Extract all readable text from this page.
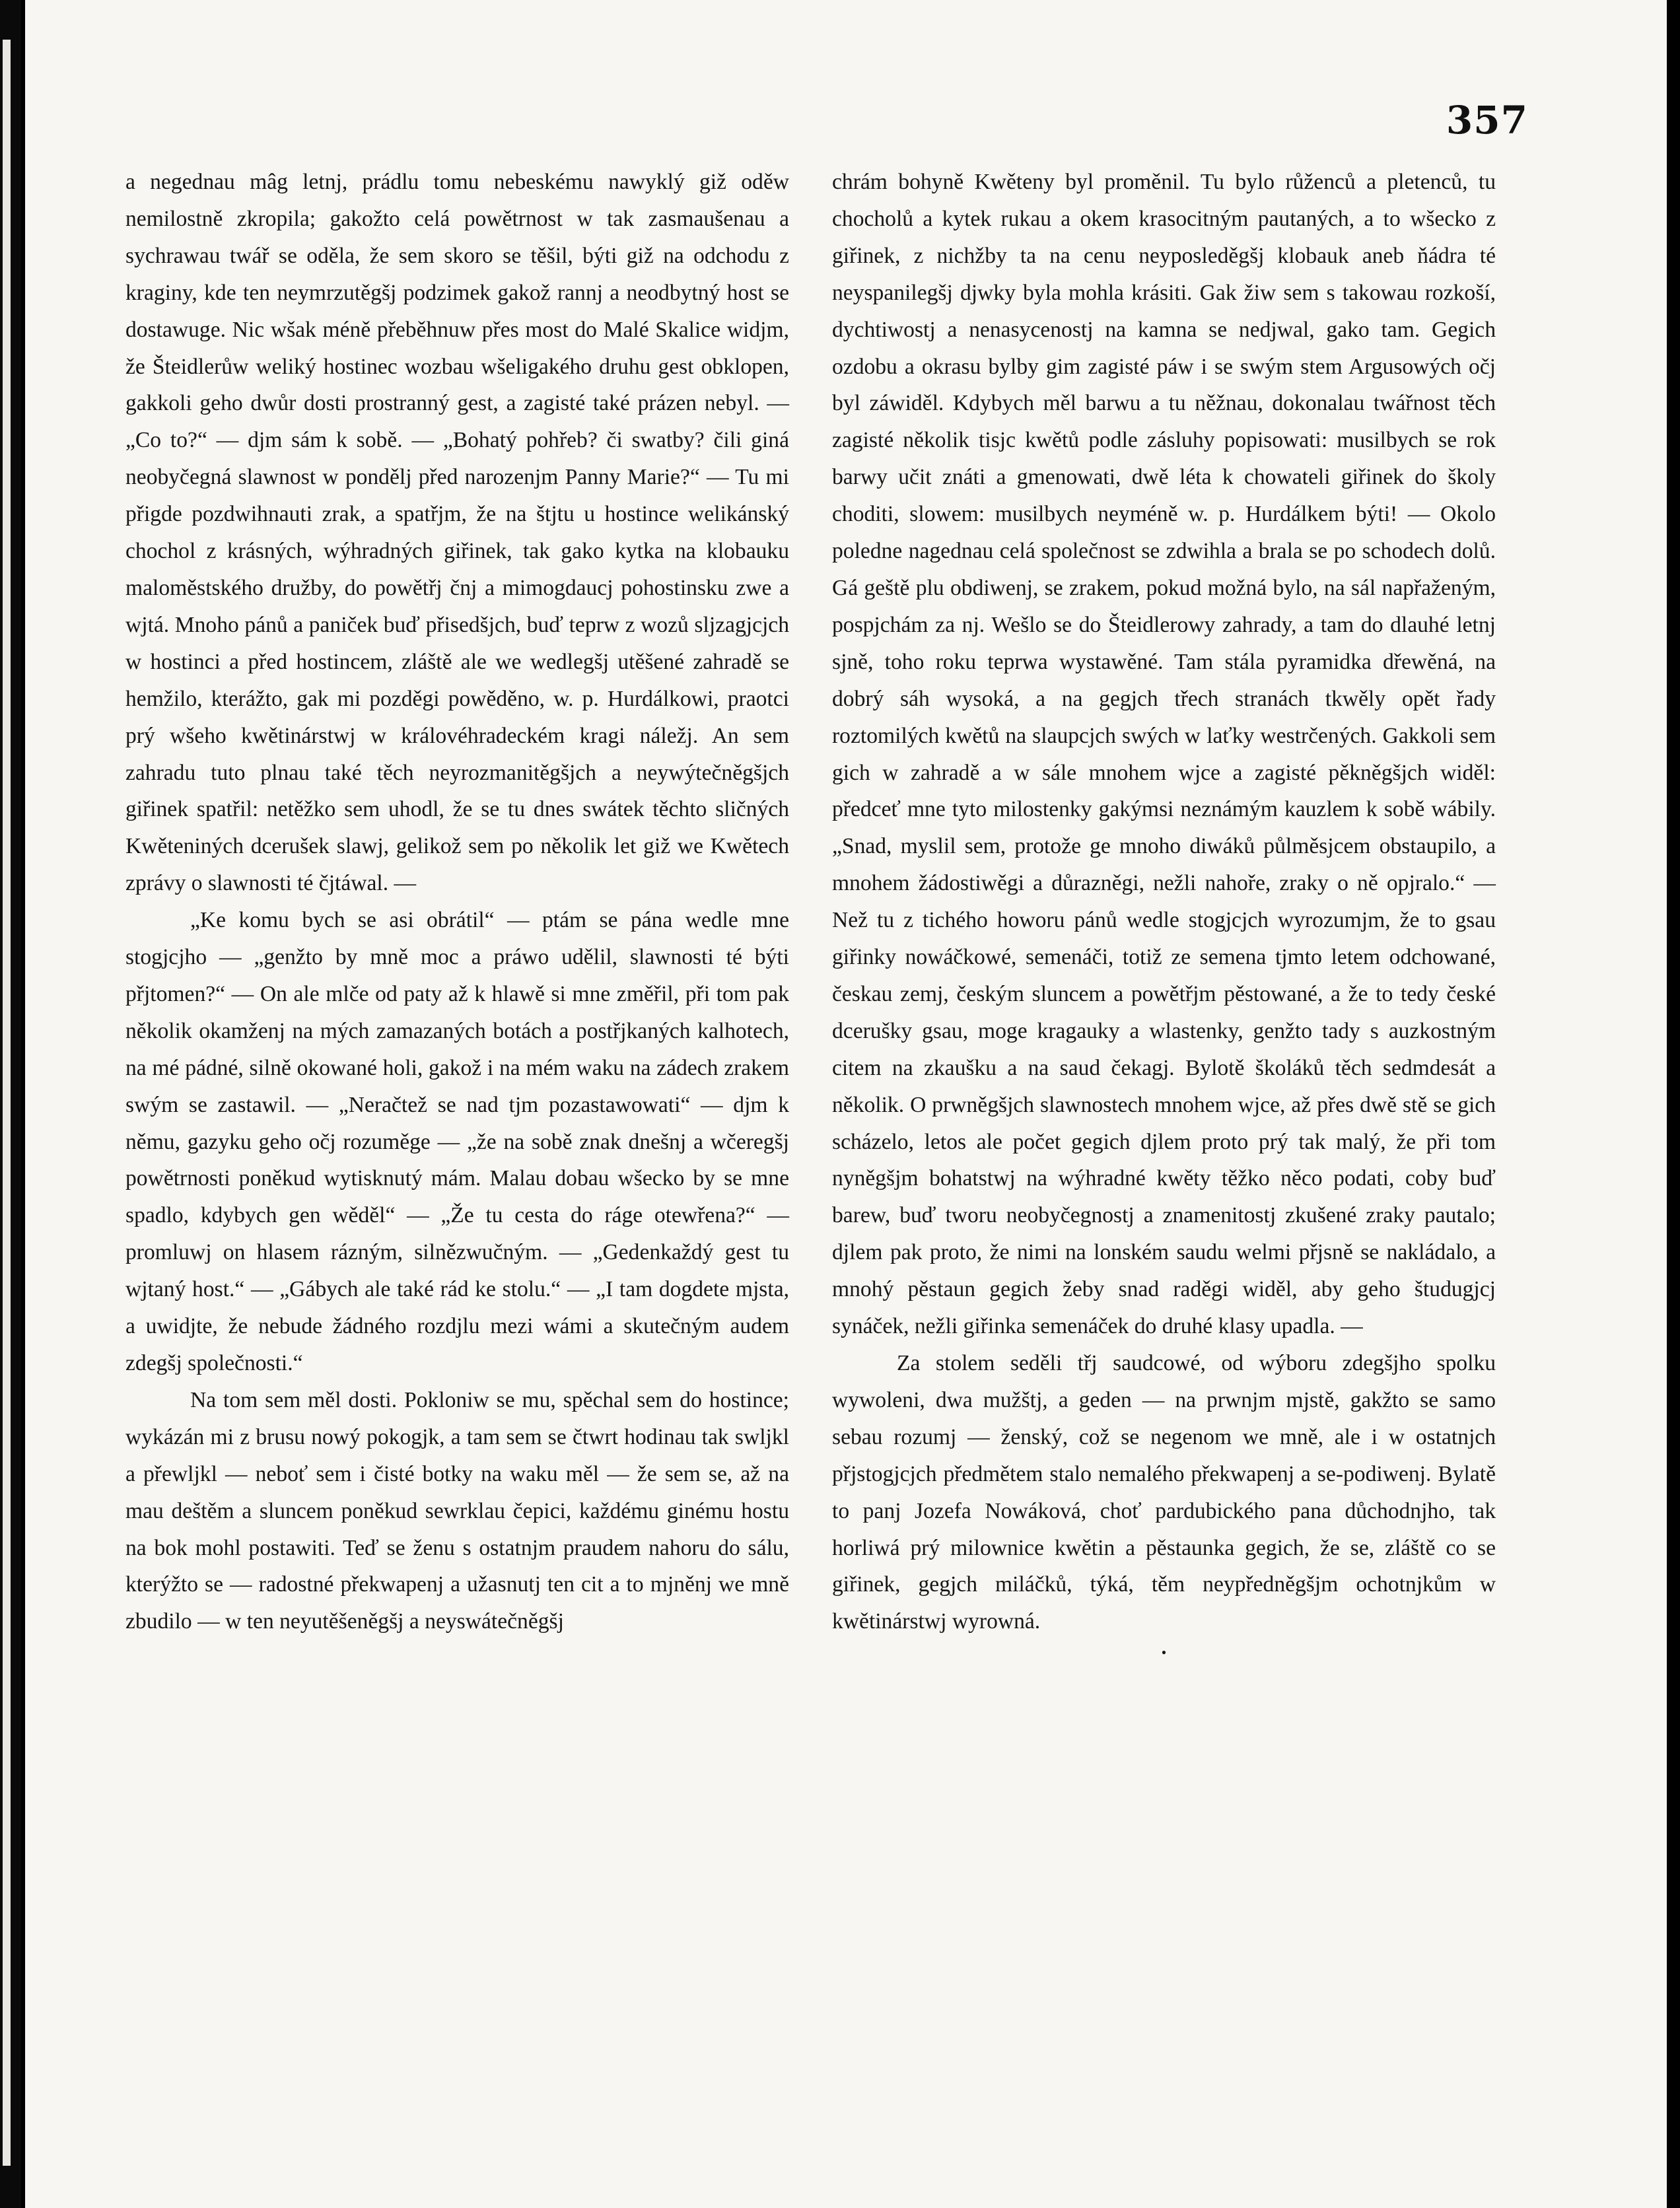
357

a negednau mâg letnj, prádlu tomu nebeskému nawyklý giž oděw nemilostně zkropila; gakožto celá powětrnost w tak zasmaušenau a sychrawau twář se oděla, že sem skoro se těšil, býti giž na odchodu z kraginy, kde ten neymrzutěgšj podzimek gakož rannj a neodbytný host se dostawuge. Nic wšak méně přeběhnuw přes most do Malé Skalice widjm, že Šteidlerůw weliký hostinec wozbau wšeligakého druhu gest obklopen, gakkoli geho dwůr dosti prostranný gest, a zagisté také prázen nebyl. — „Co to?“ — djm sám k sobě. — „Bohatý pohřeb? či swatby? čili giná neobyčegná slawnost w pondělj před narozenjm Panny Marie?“ — Tu mi přigde pozdwihnauti zrak, a spatřjm, že na štjtu u hostince welikánský chochol z krásných, wýhradných giřinek, tak gako kytka na klobauku maloměstského družby, do powětřj čnj a mimogdaucj pohostinsku zwe a wjtá. Mnoho pánů a paniček buď přisedšjch, buď teprw z wozů sljzagjcjch w hostinci a před hostincem, zláště ale we wedlegšj utěšené zahradě se hemžilo, kterážto, gak mi pozděgi powěděno, w. p. Hurdálkowi, praotci prý wšeho kwětinárstwj w královéhradeckém kragi náležj. An sem zahradu tuto plnau také těch neyrozmanitěgšjch a neywýtečněgšjch giřinek spatřil: netěžko sem uhodl, že se tu dnes swátek těchto sličných Kwěteniných dcerušek slawj, gelikož sem po několik let giž we Kwětech zprávy o slawnosti té čjtáwal. —

„Ke komu bych se asi obrátil“ — ptám se pána wedle mne stogjcjho — „genžto by mně moc a práwo udělil, slawnosti té býti přjtomen?“ — On ale mlče od paty až k hlawě si mne změřil, při tom pak několik okamženj na mých zamazaných botách a postřjkaných kalhotech, na mé pádné, silně okowané holi, gakož i na mém waku na zádech zrakem swým se zastawil. — „Neračtež se nad tjm pozastawowati“ — djm k němu, gazyku geho očj rozuměge — „že na sobě znak dnešnj a wčeregšj powětrnosti poněkud wytisknutý mám. Malau dobau wšecko by se mne spadlo, kdybych gen wěděl“ — „Že tu cesta do ráge otewřena?“ — promluwj on hlasem rázným, silnězwučným. — „Gedenkaždý gest tu wjtaný host.“ — „Gábych ale také rád ke stolu.“ — „I tam dogdete mjsta, a uwidjte, že nebude žádného rozdjlu mezi wámi a skutečným audem zdegšj společnosti.“

Na tom sem měl dosti. Pokloniw se mu, spěchal sem do hostince; wykázán mi z brusu nowý pokogjk, a tam sem se čtwrt hodinau tak swljkl a přewljkl — neboť sem i čisté botky na waku měl — že sem se, až na mau deštěm a sluncem poněkud sewrklau čepici, každému ginému hostu na bok mohl postawiti. Teď se ženu s ostatnjm praudem nahoru do sálu, kterýžto se — radostné překwapenj a užasnutj ten cit a to mjněnj we mně zbudilo — w ten neyutěšeněgšj a neyswátečněgšj

chrám bohyně Kwěteny byl proměnil. Tu bylo růženců a pletenců, tu chocholů a kytek rukau a okem krasocitným pautaných, a to wšecko z giřinek, z nichžby ta na cenu neyposleděgšj klobauk aneb ňádra té neyspanilegšj djwky byla mohla krásiti. Gak žiw sem s takowau rozkoší, dychtiwostj a nenasycenostj na kamna se nedjwal, gako tam. Gegich ozdobu a okrasu bylby gim zagisté páw i se swým stem Argusowých očj byl záwiděl. Kdybych měl barwu a tu něžnau, dokonalau twářnost těch zagisté několik tisjc kwětů podle zásluhy popisowati: musilbych se rok barwy učit znáti a gmenowati, dwě léta k chowateli giřinek do školy choditi, slowem: musilbych neyméně w. p. Hurdálkem býti! — Okolo poledne nagednau celá společnost se zdwihla a brala se po schodech dolů. Gá geště plu obdiwenj, se zrakem, pokud možná bylo, na sál napřaženým, pospjchám za nj. Wešlo se do Šteidlerowy zahrady, a tam do dlauhé letnj sjně, toho roku teprwa wystawěné. Tam stála pyramidka dřewěná, na dobrý sáh wysoká, a na gegjch třech stranách tkwěly opět řady roztomilých kwětů na slaupcjch swých w laťky westrčených. Gakkoli sem gich w zahradě a w sále mnohem wjce a zagisté pěkněgšjch widěl: předceť mne tyto milostenky gakýmsi neznámým kauzlem k sobě wábily. „Snad, myslil sem, protože ge mnoho diwáků půlměsjcem obstaupilo, a mnohem žádostiwěgi a důrazněgi, nežli nahoře, zraky o ně opjralo.“ — Než tu z tichého howoru pánů wedle stogjcjch wyrozumjm, že to gsau giřinky nowáčkowé, semenáči, totiž ze semena tjmto letem odchowané, českau zemj, českým sluncem a powětřjm pěstowané, a že to tedy české dcerušky gsau, moge kragauky a wlastenky, genžto tady s auzkostným citem na zkaušku a na saud čekagj. Bylotě školáků těch sedmdesát a několik. O prwněgšjch slawnostech mnohem wjce, až přes dwě stě se gich scházelo, letos ale počet gegich djlem proto prý tak malý, že při tom nyněgšjm bohatstwj na wýhradné kwěty těžko něco podati, coby buď barew, buď tworu neobyčegnostj a znamenitostj zkušené zraky pautalo; djlem pak proto, že nimi na lonském saudu welmi přjsně se nakládalo, a mnohý pěstaun gegich žeby snad raděgi widěl, aby geho študugjcj synáček, nežli giřinka semenáček do druhé klasy upadla. —

Za stolem seděli třj saudcowé, od wýboru zdegšjho spolku wywoleni, dwa mužštj, a geden — na prwnjm mjstě, gakžto se samo sebau rozumj — ženský, což se negenom we mně, ale i w ostatnjch přjstogjcjch předmětem stalo nemalého překwapenj a se-podiwenj. Bylatě to panj Jozefa Nowáková, choť pardubického pana důchodnjho, tak horliwá prý milownice kwětin a pěstaunka gegich, že se, zláště co se giřinek, gegjch miláčků, týká, těm neypředněgšjm ochotnjkům w kwětinárstwj wyrowná.

•
